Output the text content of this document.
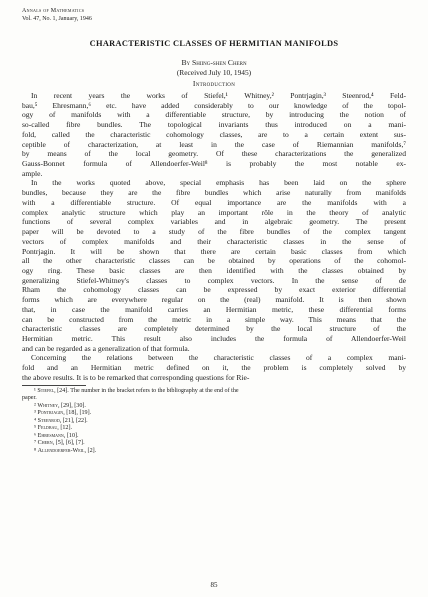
Annals of Mathematics
Vol. 47, No. 1, January, 1946
CHARACTERISTIC CLASSES OF HERMITIAN MANIFOLDS
By Shiing-shen Chern
(Received July 10, 1945)
Introduction
In recent years the works of Stiefel,¹ Whitney,² Pontrjagin,³ Steenrod,⁴ Feld-
bau,⁵ Ehresmann,⁶ etc. have added considerably to our knowledge of the topol-
ogy of manifolds with a differentiable structure, by introducing the notion of
so-called fibre bundles. The topological invariants thus introduced on a mani-
fold, called the characteristic cohomology classes, are to a certain extent sus-
ceptible of characterization, at least in the case of Riemannian manifolds,⁷
by means of the local geometry. Of these characterizations the generalized
Gauss-Bonnet formula of Allendoerfer-Weil⁸ is probably the most notable ex-
ample.
In the works quoted above, special emphasis has been laid on the sphere
bundles, because they are the fibre bundles which arise naturally from manifolds
with a differentiable structure. Of equal importance are the manifolds with a
complex analytic structure which play an important rôle in the theory of analytic
functions of several complex variables and in algebraic geometry. The present
paper will be devoted to a study of the fibre bundles of the complex tangent
vectors of complex manifolds and their characteristic classes in the sense of
Pontrjagin. It will be shown that there are certain basic classes from which
all the other characteristic classes can be obtained by operations of the cohomol-
ogy ring. These basic classes are then identified with the classes obtained by
generalizing Stiefel-Whitney's classes to complex vectors. In the sense of de
Rham the cohomology classes can be expressed by exact exterior differential
forms which are everywhere regular on the (real) manifold. It is then shown
that, in case the manifold carries an Hermitian metric, these differential forms
can be constructed from the metric in a simple way. This means that the
characteristic classes are completely determined by the local structure of the
Hermitian metric. This result also includes the formula of Allendoerfer-Weil
and can be regarded as a generalization of that formula.
Concerning the relations between the characteristic classes of a complex mani-
fold and an Hermitian metric defined on it, the problem is completely solved by
the above results. It is to be remarked that corresponding questions for Rie-
¹ Stiefel, [24]. The number in the bracket refers to the bibliography at the end of the
paper.
² Whitney, [29], [30].
³ Pontrjagin, [18], [19].
⁴ Steenrod, [21], [22].
⁵ Feldbau, [12].
⁶ Ehresmann, [10].
⁷ Chern, [5], [6], [7].
⁸ Allendoerfer-Weil, [2].
85
